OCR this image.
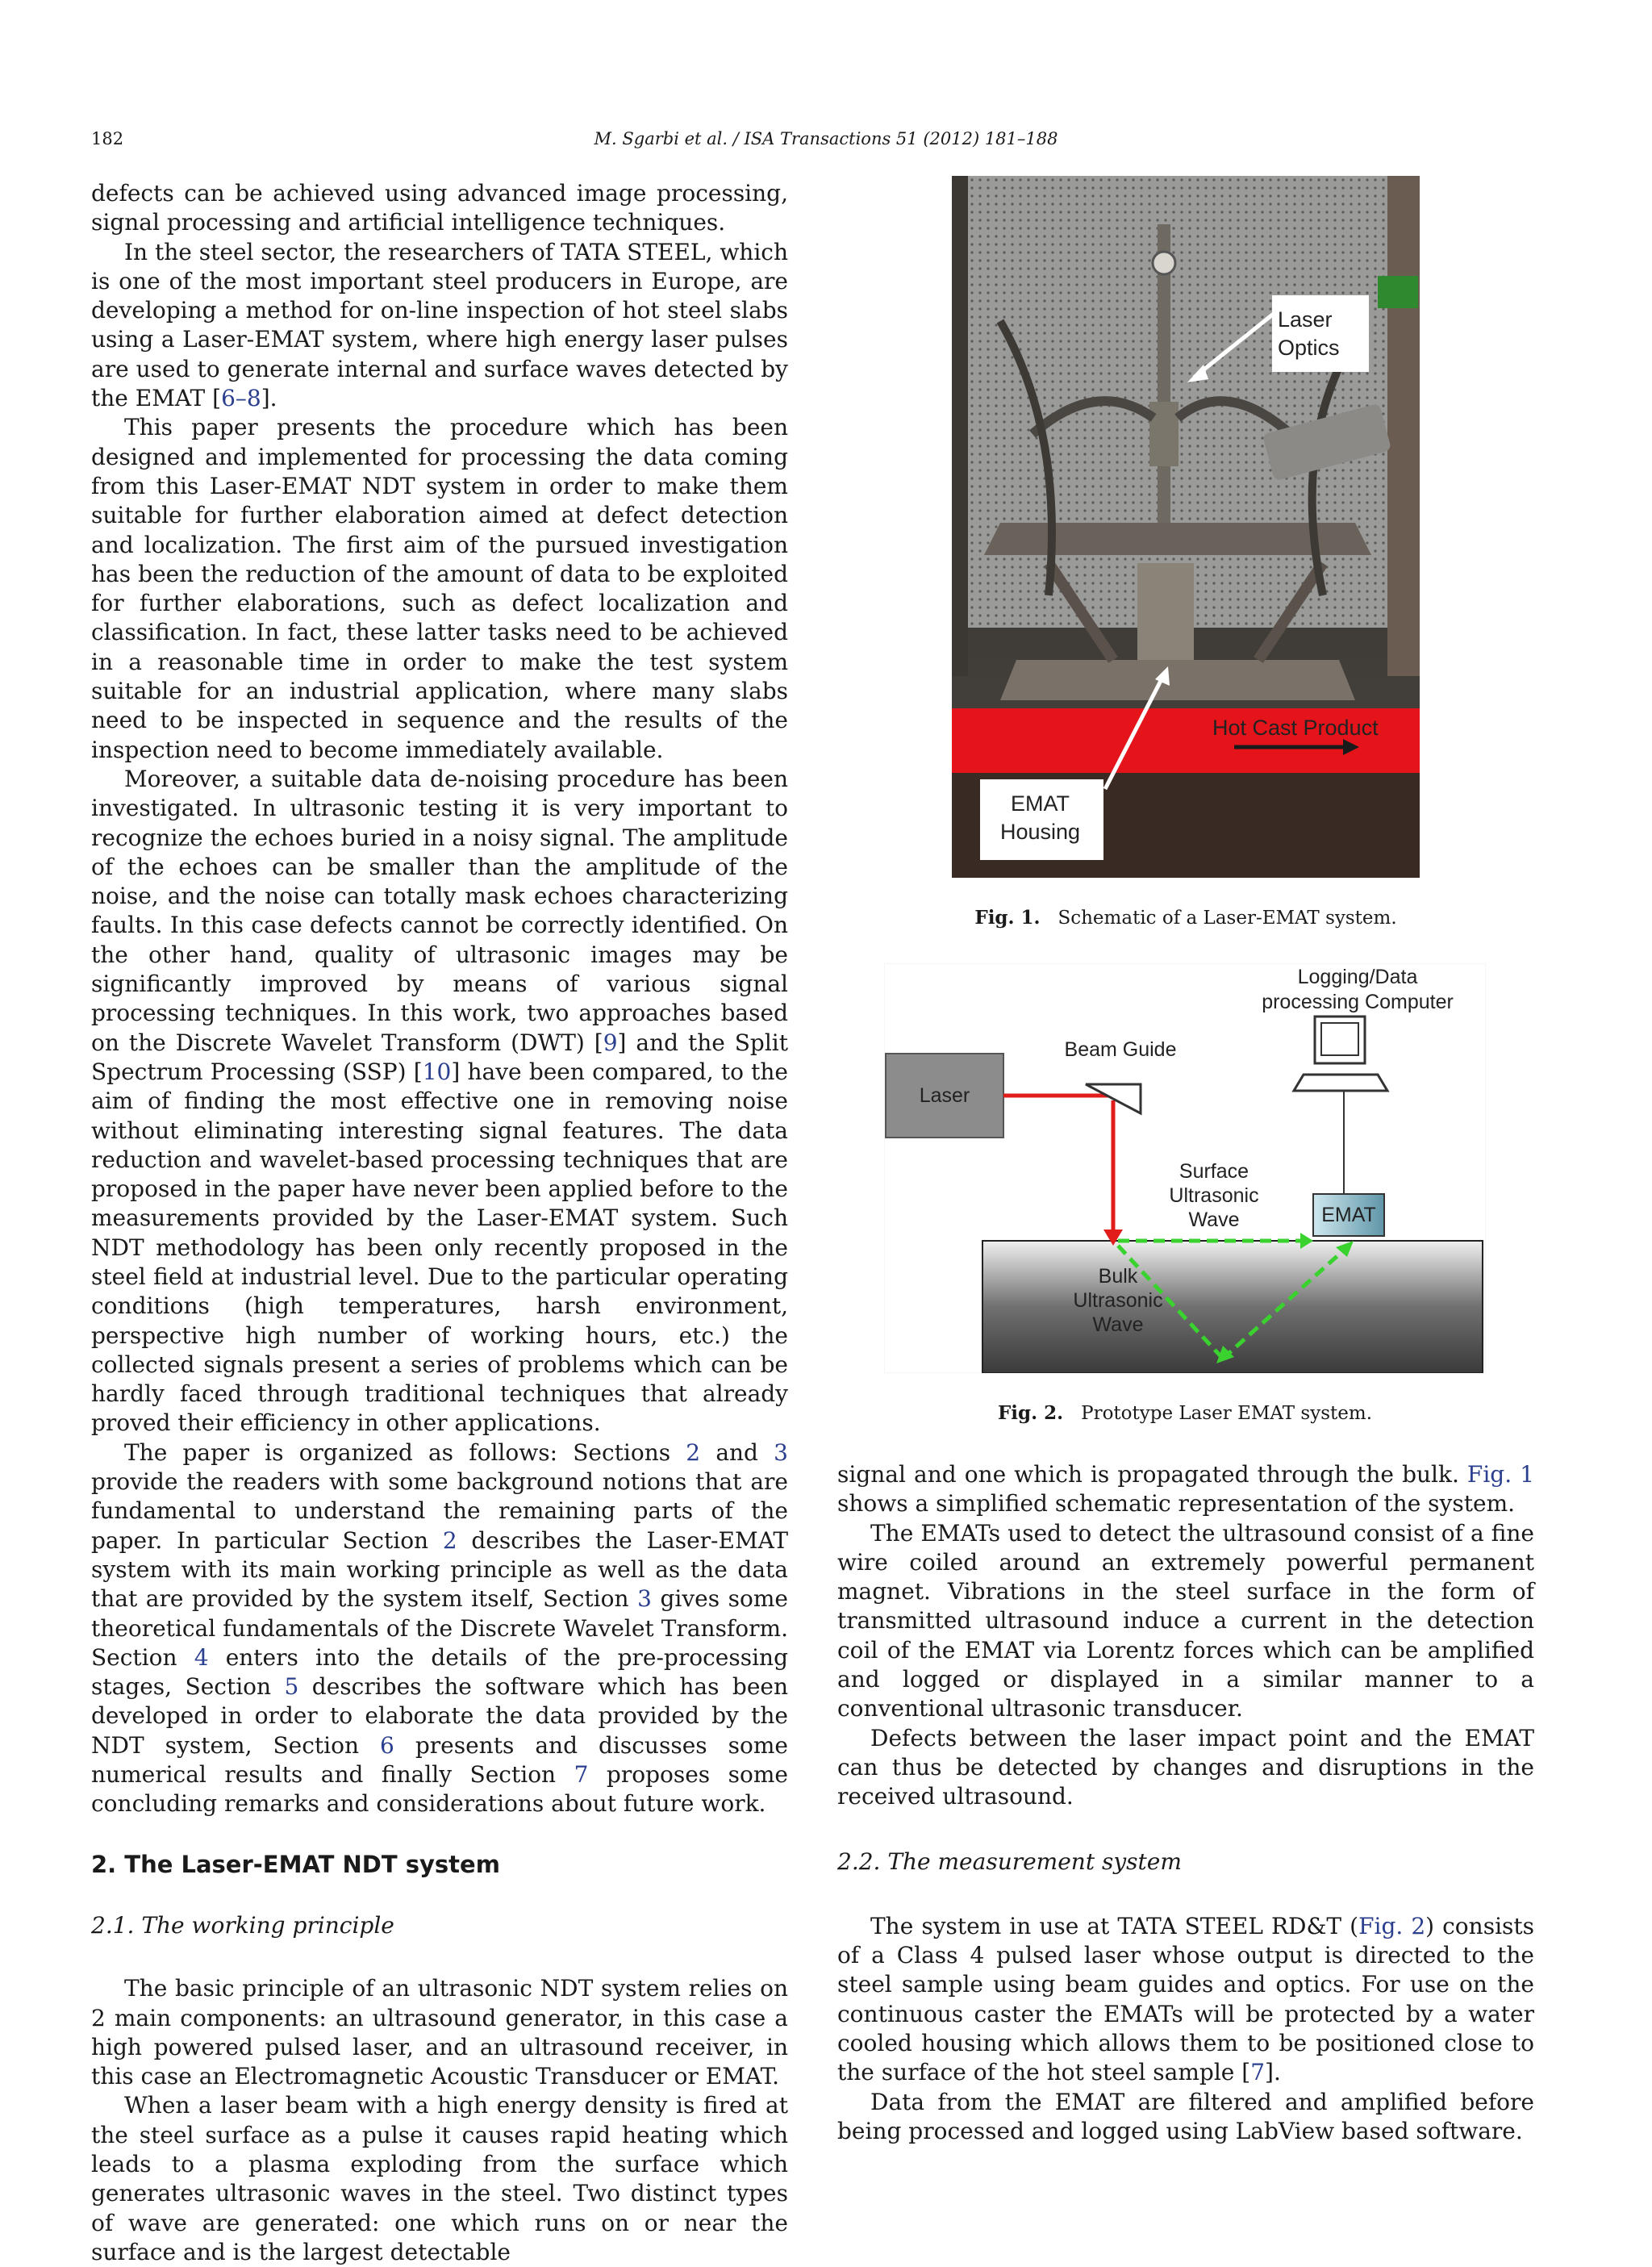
182	M. Sgarbi et al. / ISA Transactions 51 (2012) 181–188

defects can be achieved using advanced image processing, signal processing and artificial intelligence techniques.

In the steel sector, the researchers of TATA STEEL, which is one of the most important steel producers in Europe, are developing a method for on-line inspection of hot steel slabs using a Laser-EMAT system, where high energy laser pulses are used to generate internal and surface waves detected by the EMAT [6–8].

This paper presents the procedure which has been designed and implemented for processing the data coming from this Laser-EMAT NDT system in order to make them suitable for further elaboration aimed at defect detection and localization. The first aim of the pursued investigation has been the reduction of the amount of data to be exploited for further elaborations, such as defect localization and classification. In fact, these latter tasks need to be achieved in a reasonable time in order to make the test system suitable for an industrial application, where many slabs need to be inspected in sequence and the results of the inspection need to become immediately available.

Moreover, a suitable data de-noising procedure has been investigated. In ultrasonic testing it is very important to recognize the echoes buried in a noisy signal. The amplitude of the echoes can be smaller than the amplitude of the noise, and the noise can totally mask echoes characterizing faults. In this case defects cannot be correctly identified. On the other hand, quality of ultrasonic images may be significantly improved by means of various signal processing techniques. In this work, two approaches based on the Discrete Wavelet Transform (DWT) [9] and the Split Spectrum Processing (SSP) [10] have been compared, to the aim of finding the most effective one in removing noise without eliminating interesting signal features. The data reduction and wavelet-based processing techniques that are proposed in the paper have never been applied before to the measurements provided by the Laser-EMAT system. Such NDT methodology has been only recently proposed in the steel field at industrial level. Due to the particular operating conditions (high temperatures, harsh environment, perspective high number of working hours, etc.) the collected signals present a series of problems which can be hardly faced through traditional techniques that already proved their efficiency in other applications.

The paper is organized as follows: Sections 2 and 3 provide the readers with some background notions that are fundamental to understand the remaining parts of the paper. In particular Section 2 describes the Laser-EMAT system with its main working principle as well as the data that are provided by the system itself, Section 3 gives some theoretical fundamentals of the Discrete Wavelet Transform. Section 4 enters into the details of the pre-processing stages, Section 5 describes the software which has been developed in order to elaborate the data provided by the NDT system, Section 6 presents and discusses some numerical results and finally Section 7 proposes some concluding remarks and considerations about future work.

2. The Laser-EMAT NDT system

2.1. The working principle

The basic principle of an ultrasonic NDT system relies on 2 main components: an ultrasound generator, in this case a high powered pulsed laser, and an ultrasound receiver, in this case an Electromagnetic Acoustic Transducer or EMAT.

When a laser beam with a high energy density is fired at the steel surface as a pulse it causes rapid heating which leads to a plasma exploding from the surface which generates ultrasonic waves in the steel. Two distinct types of wave are generated: one which runs on or near the surface and is the largest detectable

Laser
Optics
EMAT
Housing
Hot Cast Product
Fig. 1. Schematic of a Laser-EMAT system.
Logging/Data
processing Computer
Beam Guide
Laser
Surface
Ultrasonic
Wave	EMAT
Bulk
Ultrasonic
Wave
Fig. 2. Prototype Laser EMAT system.

signal and one which is propagated through the bulk. Fig. 1 shows a simplified schematic representation of the system.

The EMATs used to detect the ultrasound consist of a fine wire coiled around an extremely powerful permanent magnet. Vibrations in the steel surface in the form of transmitted ultrasound induce a current in the detection coil of the EMAT via Lorentz forces which can be amplified and logged or displayed in a similar manner to a conventional ultrasonic transducer.

Defects between the laser impact point and the EMAT can thus be detected by changes and disruptions in the received ultrasound.

2.2. The measurement system

The system in use at TATA STEEL RD&T (Fig. 2) consists of a Class 4 pulsed laser whose output is directed to the steel sample using beam guides and optics. For use on the continuous caster the EMATs will be protected by a water cooled housing which allows them to be positioned close to the surface of the hot steel sample [7].

Data from the EMAT are filtered and amplified before being processed and logged using LabView based software.
